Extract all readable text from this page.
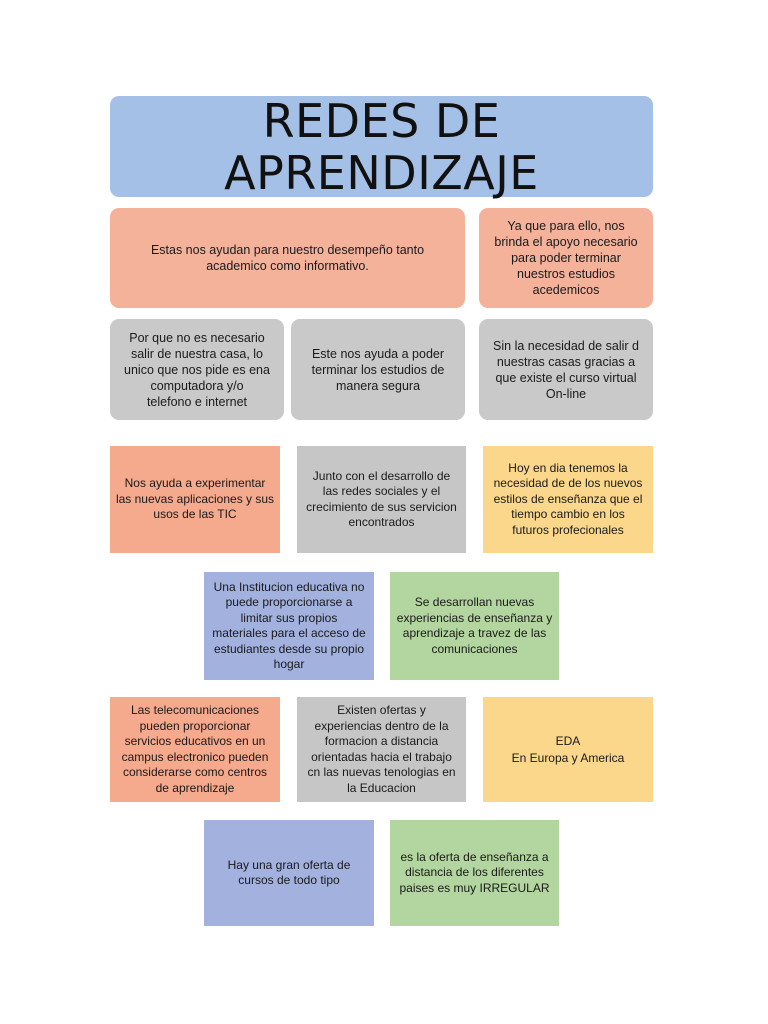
REDES DE APRENDIZAJE
Estas nos ayudan para nuestro desempeño tanto
academico como informativo.
Ya que para ello, nos
brinda el apoyo necesario
para poder terminar
nuestros estudios
acedemicos
Por que no es necesario
salir de nuestra casa, lo
unico que nos pide es ena
computadora y/o
telefono e internet
Este nos ayuda a poder
terminar los estudios de
manera segura
Sin la necesidad de salir d
nuestras casas gracias a
que existe el curso virtual
On-line
Nos ayuda a experimentar
las nuevas aplicaciones y sus
usos de las TIC
Junto con el desarrollo de
las redes sociales y el
crecimiento de sus servicion
encontrados
Hoy en dia tenemos la
necesidad de de los nuevos
estilos de enseñanza que el
tiempo cambio en los
futuros profecionales
Una Institucion educativa no
puede proporcionarse a
limitar sus propios
materiales para el acceso de
estudiantes desde su propio
hogar
Se desarrollan nuevas
experiencias de enseñanza y
aprendizaje a travez de las
comunicaciones
Las telecomunicaciones
pueden proporcionar
servicios educativos en un
campus electronico pueden
considerarse como centros
de aprendizaje
Existen ofertas y
experiencias dentro de la
formacion a distancia
orientadas hacia el trabajo
cn las nuevas tenologias en
la Educacion
EDA
En Europa y America
Hay una gran oferta de
cursos de todo tipo
es la oferta de enseñanza a
distancia de los diferentes
paises es muy IRREGULAR
